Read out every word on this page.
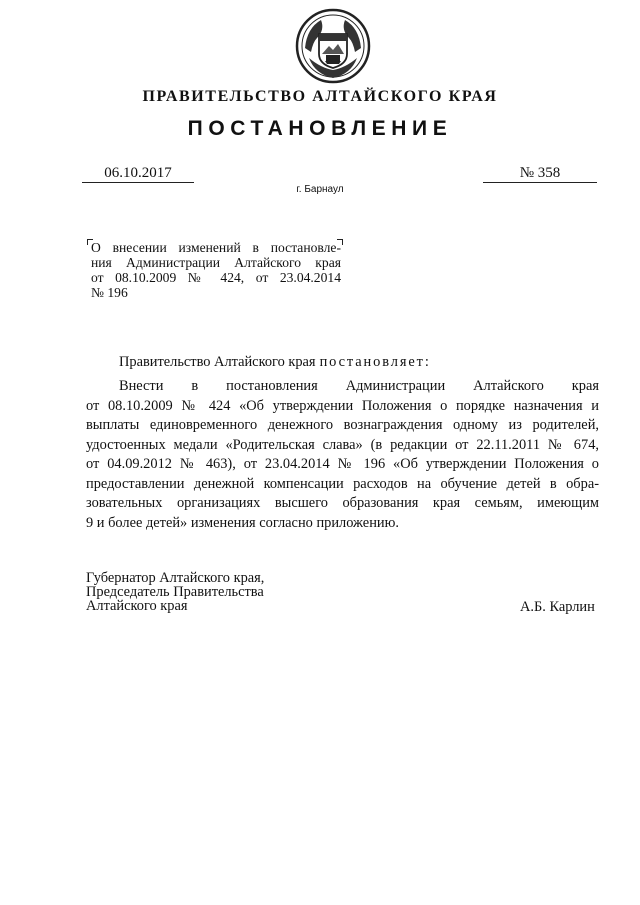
ПРАВИТЕЛЬСТВО АЛТАЙСКОГО КРАЯ
ПОСТАНОВЛЕНИЕ
06.10.2017	№ 358
г. Барнаул
О внесении изменений в постановле-
ния Администрации Алтайского края
от 08.10.2009 № 424, от 23.04.2014
№ 196
Правительство Алтайского края постановляет:
Внести в постановления Администрации Алтайского края
от 08.10.2009 № 424 «Об утверждении Положения о порядке назначения и
выплаты единовременного денежного вознаграждения одному из родителей,
удостоенных медали «Родительская слава» (в редакции от 22.11.2011 № 674,
от 04.09.2012 № 463), от 23.04.2014 № 196 «Об утверждении Положения о
предоставлении денежной компенсации расходов на обучение детей в обра-
зовательных организациях высшего образования края семьям, имеющим
9 и более детей» изменения согласно приложению.
Губернатор Алтайского края,
Председатель Правительства
Алтайского края	А.Б. Карлин
